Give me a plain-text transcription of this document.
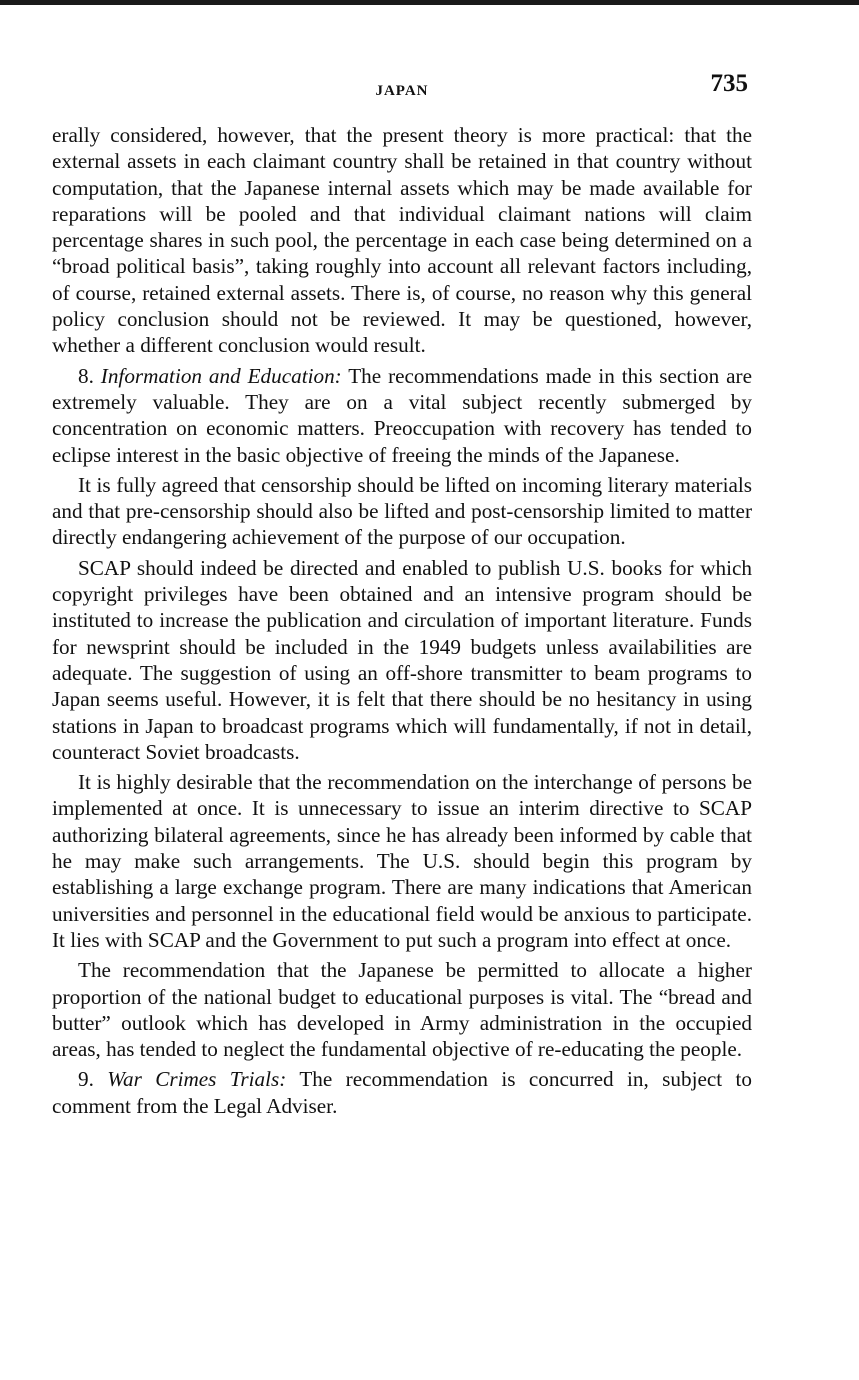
JAPAN	735

erally considered, however, that the present theory is more practical: that the external assets in each claimant country shall be retained in that country without computation, that the Japanese internal assets which may be made available for reparations will be pooled and that individual claimant nations will claim percentage shares in such pool, the percentage in each case being determined on a “broad political basis”, taking roughly into account all relevant factors including, of course, retained external assets. There is, of course, no reason why this general policy conclusion should not be reviewed. It may be questioned, however, whether a different conclusion would result.

8. Information and Education: The recommendations made in this section are extremely valuable. They are on a vital subject recently submerged by concentration on economic matters. Preoccupation with recovery has tended to eclipse interest in the basic objective of freeing the minds of the Japanese.

It is fully agreed that censorship should be lifted on incoming literary materials and that pre-censorship should also be lifted and post-censorship limited to matter directly endangering achievement of the purpose of our occupation.

SCAP should indeed be directed and enabled to publish U.S. books for which copyright privileges have been obtained and an intensive program should be instituted to increase the publication and circulation of important literature. Funds for newsprint should be included in the 1949 budgets unless availabilities are adequate. The suggestion of using an off-shore transmitter to beam programs to Japan seems useful. However, it is felt that there should be no hesitancy in using stations in Japan to broadcast programs which will fundamentally, if not in detail, counteract Soviet broadcasts.

It is highly desirable that the recommendation on the interchange of persons be implemented at once. It is unnecessary to issue an interim directive to SCAP authorizing bilateral agreements, since he has already been informed by cable that he may make such arrangements. The U.S. should begin this program by establishing a large exchange program. There are many indications that American universities and personnel in the educational field would be anxious to participate. It lies with SCAP and the Government to put such a program into effect at once.

The recommendation that the Japanese be permitted to allocate a higher proportion of the national budget to educational purposes is vital. The “bread and butter” outlook which has developed in Army administration in the occupied areas, has tended to neglect the fundamental objective of re-educating the people.

9. War Crimes Trials: The recommendation is concurred in, subject to comment from the Legal Adviser.
